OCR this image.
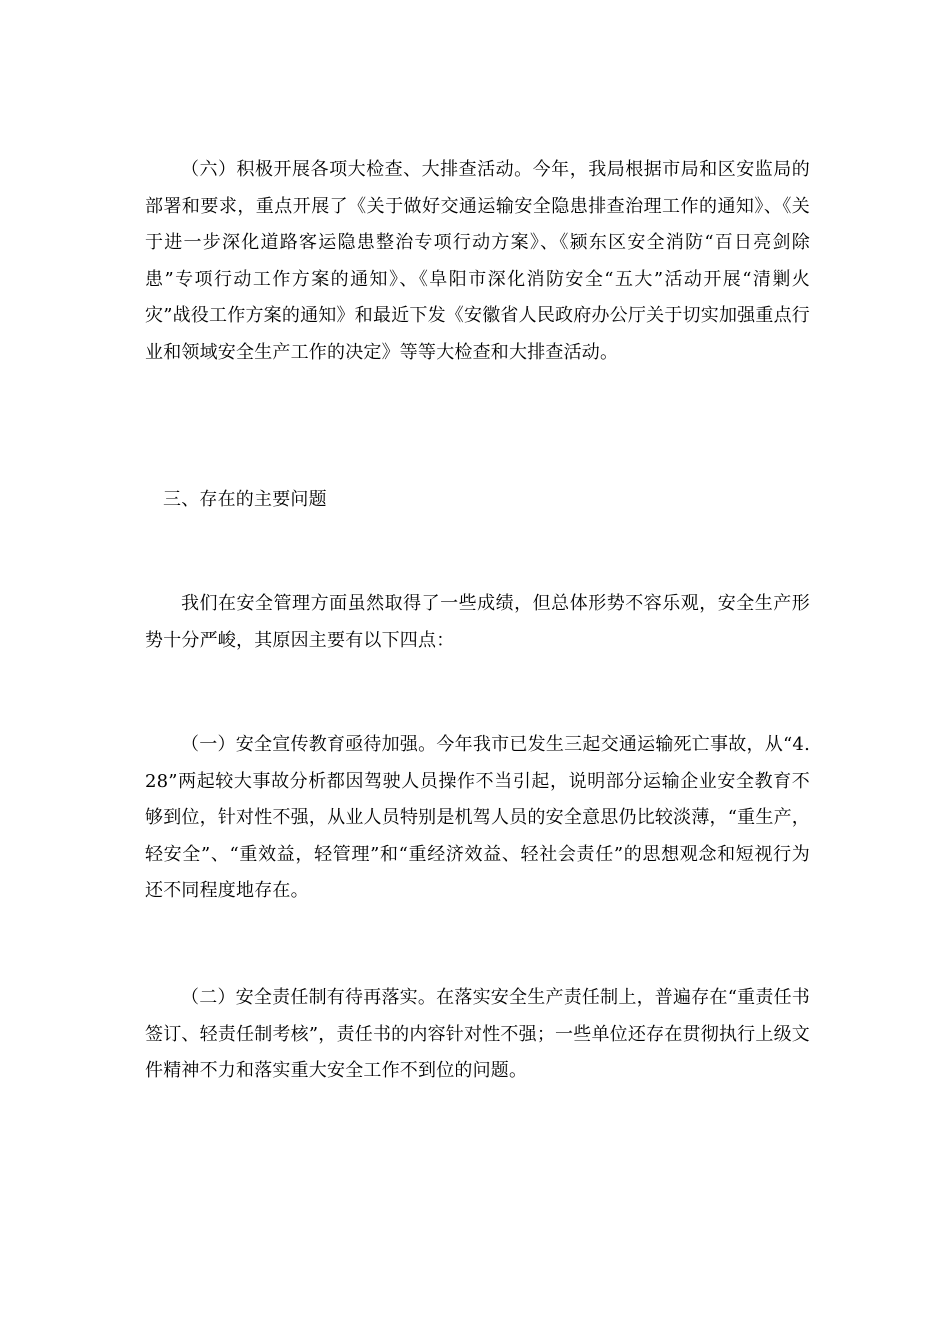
（六）积极开展各项大检查、大排查活动。今年，我局根据市局和区安监局的部署和要求，重点开展了《关于做好交通运输安全隐患排查治理工作的通知》、《关于进一步深化道路客运隐患整治专项行动方案》、《颍东区安全消防“百日亮剑除患”专项行动工作方案的通知》、《阜阳市深化消防安全“五大”活动开展“清剿火灾”战役工作方案的通知》和最近下发《安徽省人民政府办公厅关于切实加强重点行业和领域安全生产工作的决定》等等大检查和大排查活动。

三、存在的主要问题

我们在安全管理方面虽然取得了一些成绩，但总体形势不容乐观，安全生产形势十分严峻，其原因主要有以下四点：

（一）安全宣传教育亟待加强。今年我市已发生三起交通运输死亡事故，从“4.28”两起较大事故分析都因驾驶人员操作不当引起，说明部分运输企业安全教育不够到位，针对性不强，从业人员特别是机驾人员的安全意思仍比较淡薄，“重生产，轻安全”、“重效益，轻管理”和“重经济效益、轻社会责任”的思想观念和短视行为还不同程度地存在。

（二）安全责任制有待再落实。在落实安全生产责任制上，普遍存在“重责任书签订、轻责任制考核”，责任书的内容针对性不强；一些单位还存在贯彻执行上级文件精神不力和落实重大安全工作不到位的问题。
